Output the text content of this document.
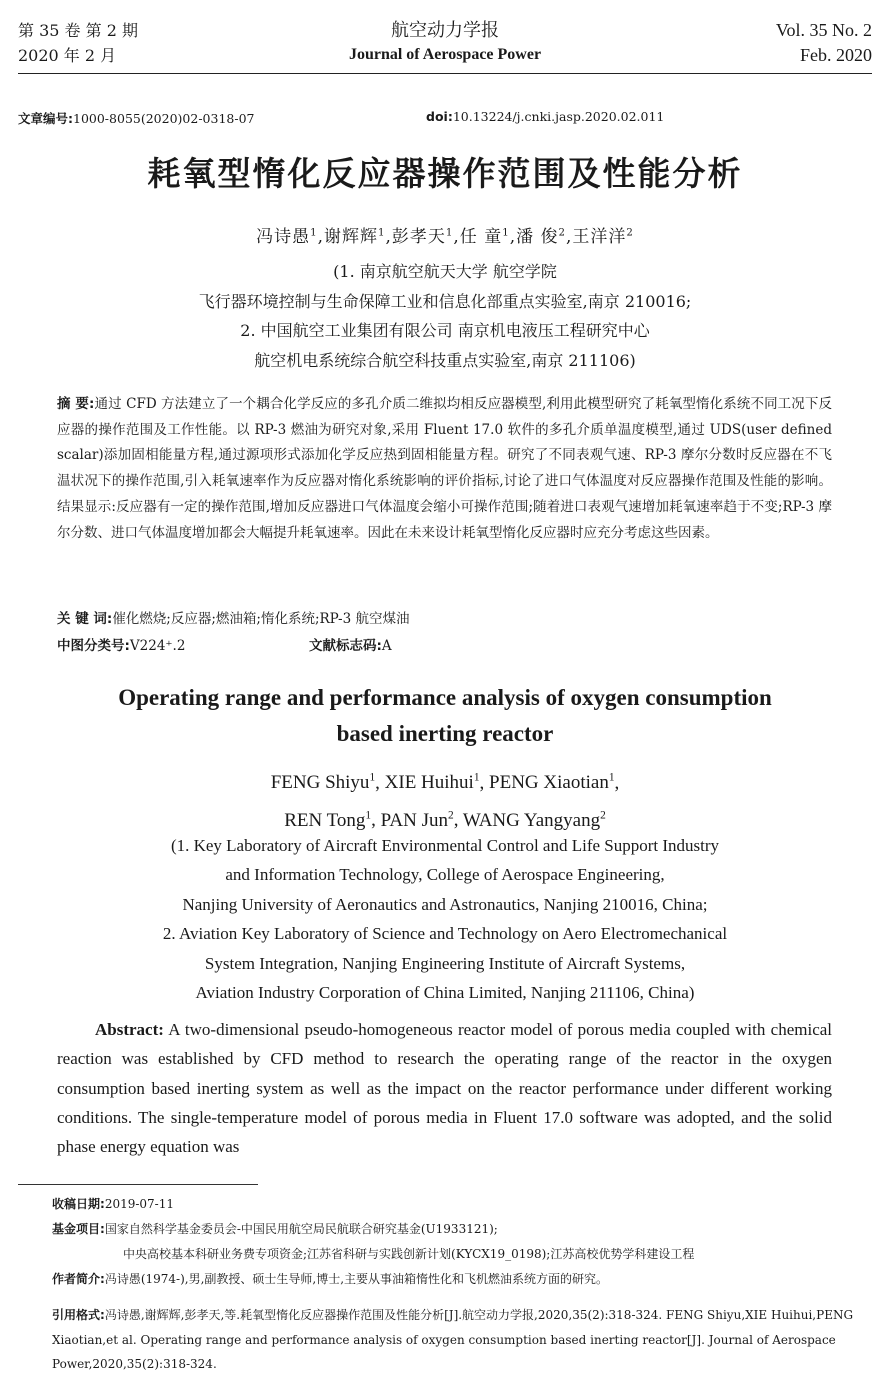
第 35 卷 第 2 期
2020 年 2 月
航空动力学报
Journal of Aerospace Power
Vol. 35 No. 2
Feb. 2020
文章编号:1000-8055(2020)02-0318-07	doi:10.13224/j.cnki.jasp.2020.02.011
耗氧型惰化反应器操作范围及性能分析
冯诗愚$^1$,谢辉辉$^1$,彭孝天$^1$,任 童$^1$,潘 俊$^2$,王洋洋$^2$
(1. 南京航空航天大学 航空学院
飞行器环境控制与生命保障工业和信息化部重点实验室,南京 210016;
2. 中国航空工业集团有限公司 南京机电液压工程研究中心
航空机电系统综合航空科技重点实验室,南京 211106)
摘 要:通过 CFD 方法建立了一个耦合化学反应的多孔介质二维拟均相反应器模型,利用此模型研究了耗氧型惰化系统不同工况下反应器的操作范围及工作性能。以 RP-3 燃油为研究对象,采用 Fluent 17.0 软件的多孔介质单温度模型,通过 UDS(user defined scalar)添加固相能量方程,通过源项形式添加化学反应热到固相能量方程。研究了不同表观气速、RP-3 摩尔分数时反应器在不飞温状况下的操作范围,引入耗氧速率作为反应器对惰化系统影响的评价指标,讨论了进口气体温度对反应器操作范围及性能的影响。结果显示:反应器有一定的操作范围,增加反应器进口气体温度会缩小可操作范围;随着进口表观气速增加耗氧速率趋于不变;RP-3 摩尔分数、进口气体温度增加都会大幅提升耗氧速率。因此在未来设计耗氧型惰化反应器时应充分考虑这些因素。
关 键 词:催化燃烧;反应器;燃油箱;惰化系统;RP-3 航空煤油
中图分类号:V224⁺.2	文献标志码:A
Operating range and performance analysis of oxygen consumption
based inerting reactor
FENG Shiyu$^1$, XIE Huihui$^1$, PENG Xiaotian$^1$,
REN Tong$^1$, PAN Jun$^2$, WANG Yangyang$^2$
(1. Key Laboratory of Aircraft Environmental Control and Life Support Industry
and Information Technology, College of Aerospace Engineering,
Nanjing University of Aeronautics and Astronautics, Nanjing 210016, China;
2. Aviation Key Laboratory of Science and Technology on Aero Electromechanical
System Integration, Nanjing Engineering Institute of Aircraft Systems,
Aviation Industry Corporation of China Limited, Nanjing 211106, China)
Abstract: A two-dimensional pseudo-homogeneous reactor model of porous media coupled with chemical reaction was established by CFD method to research the operating range of the reactor in the oxygen consumption based inerting system as well as the impact on the reactor performance under different working conditions. The single-temperature model of porous media in Fluent 17.0 software was adopted, and the solid phase energy equation was
收稿日期:2019-07-11
基金项目:国家自然科学基金委员会-中国民用航空局民航联合研究基金(U1933121);
中央高校基本科研业务费专项资金;江苏省科研与实践创新计划(KYCX19_0198);江苏高校优势学科建设工程
作者简介:冯诗愚(1974-),男,副教授、硕士生导师,博士,主要从事油箱惰性化和飞机燃油系统方面的研究。
引用格式:冯诗愚,谢辉辉,彭孝天,等.耗氧型惰化反应器操作范围及性能分析[J].航空动力学报,2020,35(2):318-324. FENG Shiyu,XIE Huihui,PENG Xiaotian,et al. Operating range and performance analysis of oxygen consumption based inerting reactor[J]. Journal of Aerospace Power,2020,35(2):318-324.
